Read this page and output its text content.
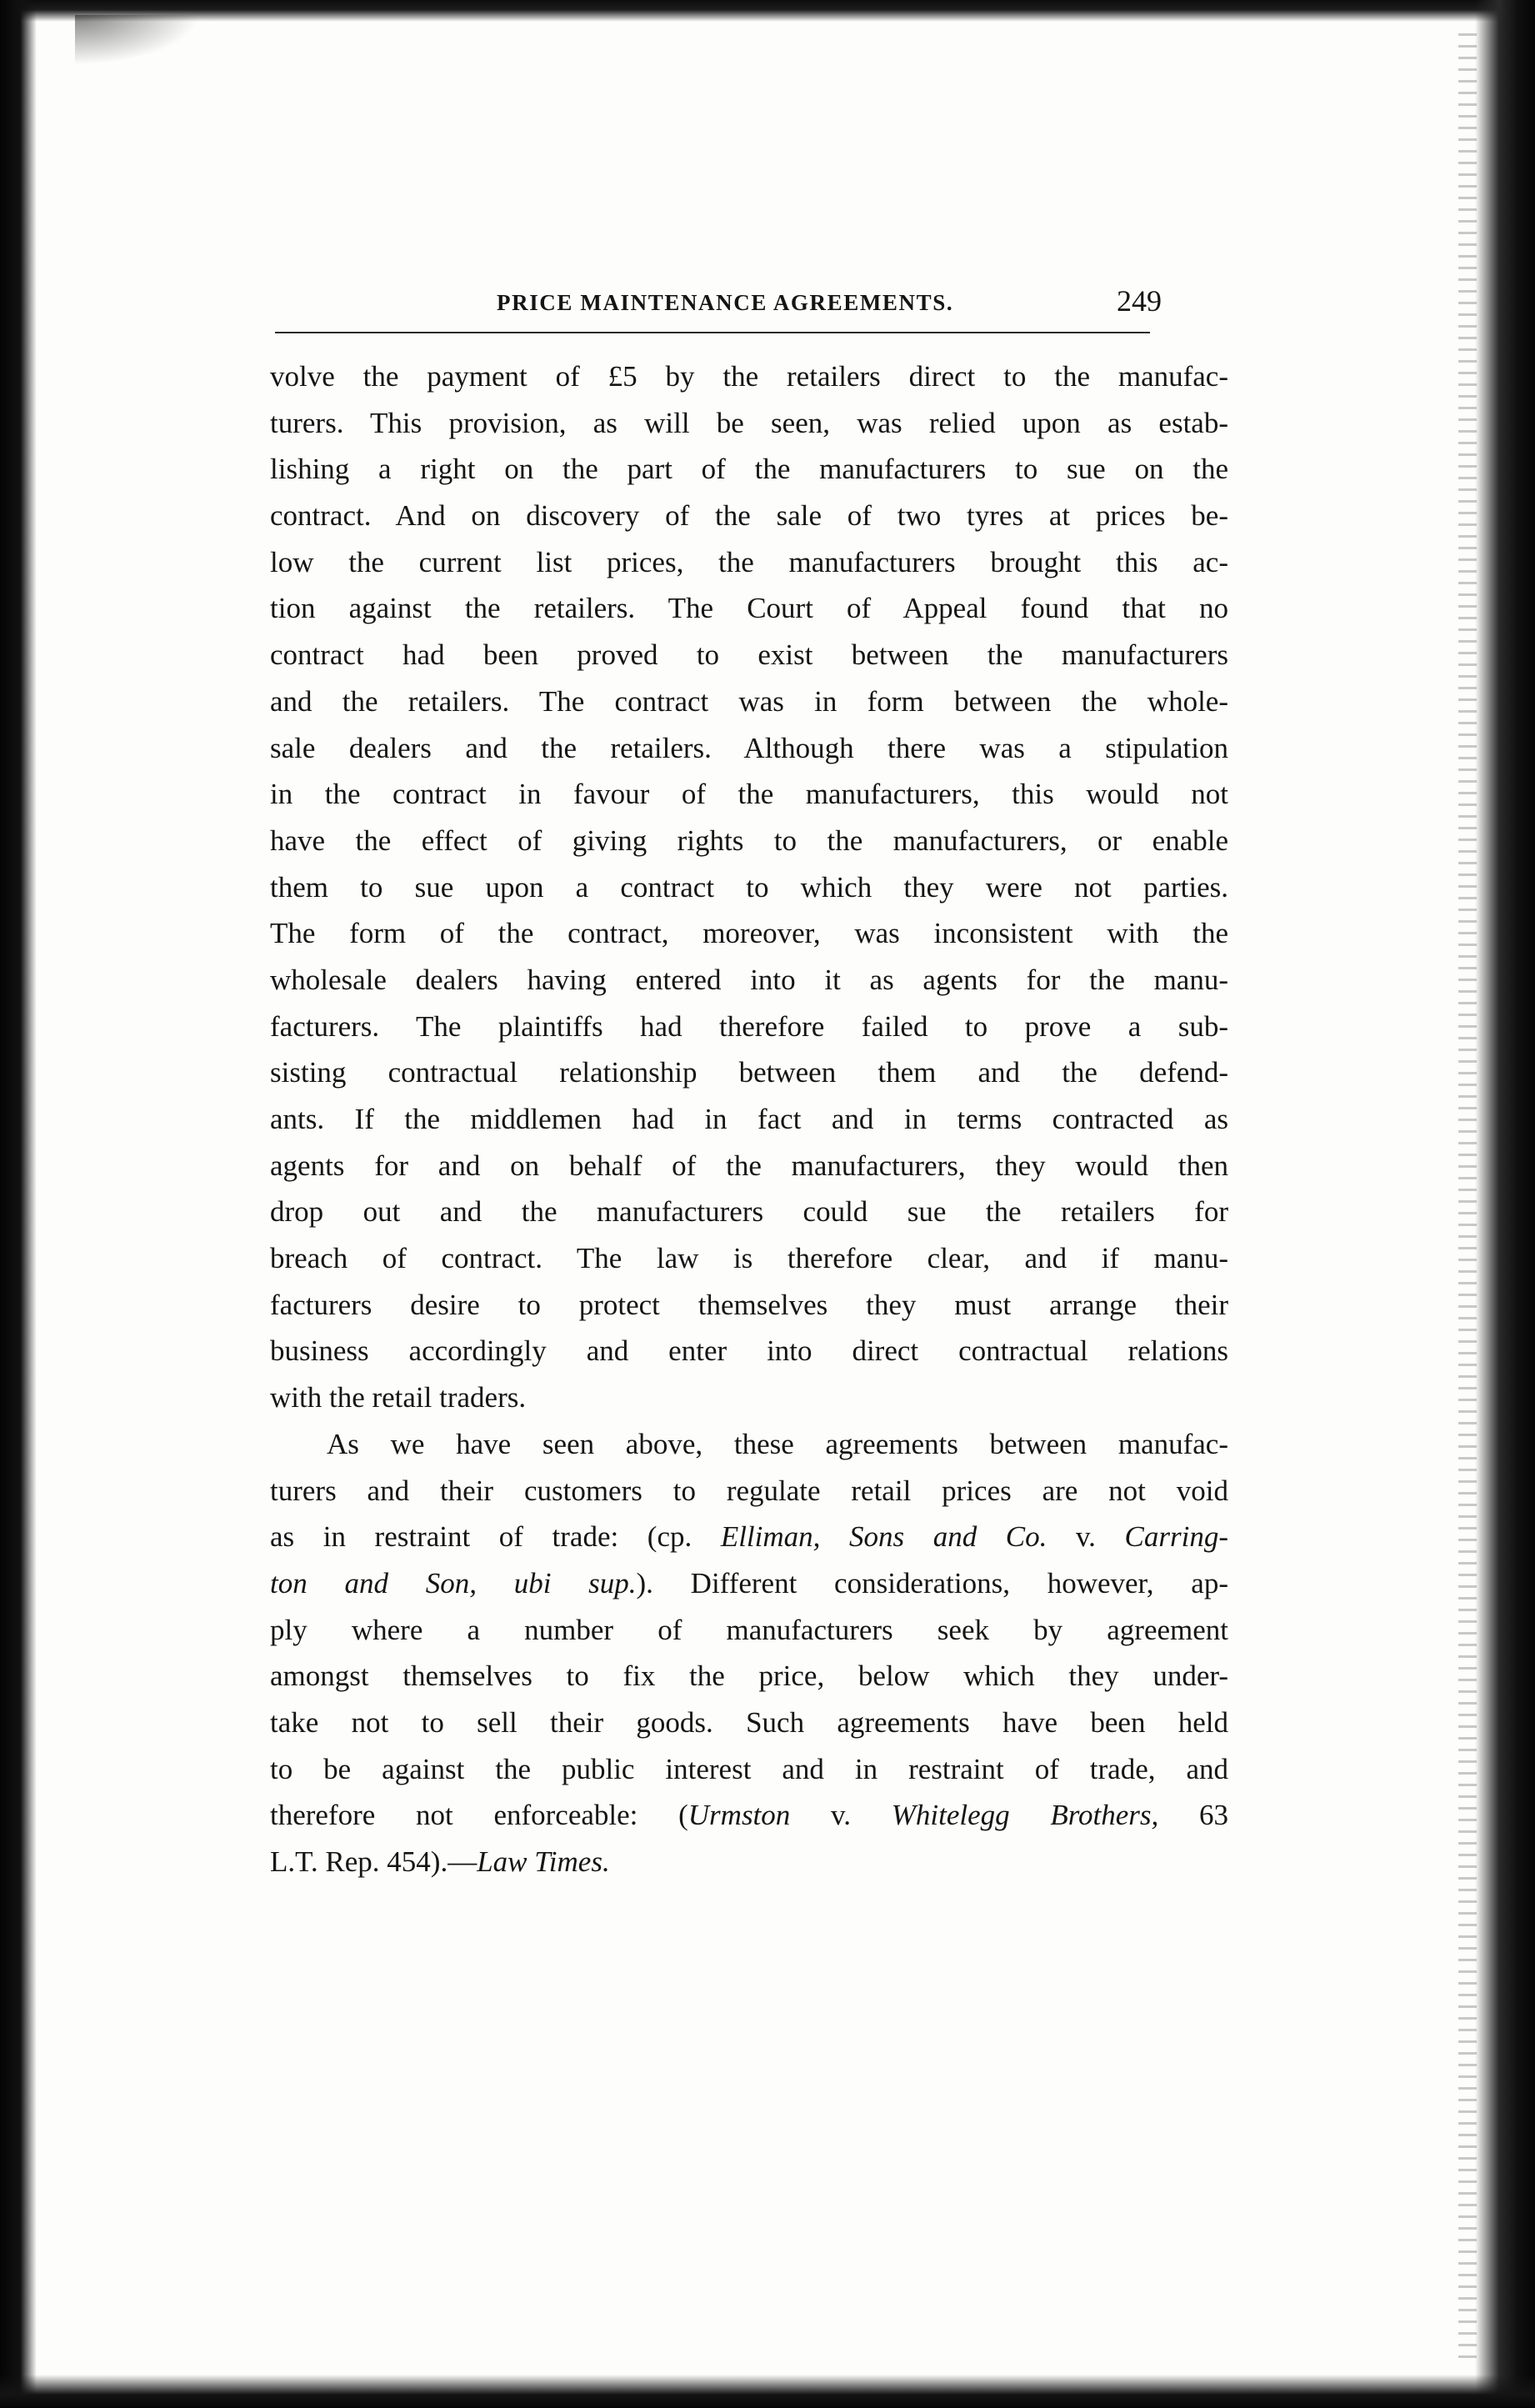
PRICE MAINTENANCE AGREEMENTS.	249
volve the payment of £5 by the retailers direct to the manufac-
turers. This provision, as will be seen, was relied upon as estab-
lishing a right on the part of the manufacturers to sue on the
contract. And on discovery of the sale of two tyres at prices be-
low the current list prices, the manufacturers brought this ac-
tion against the retailers. The Court of Appeal found that no
contract had been proved to exist between the manufacturers
and the retailers. The contract was in form between the whole-
sale dealers and the retailers. Although there was a stipulation
in the contract in favour of the manufacturers, this would not
have the effect of giving rights to the manufacturers, or enable
them to sue upon a contract to which they were not parties.
The form of the contract, moreover, was inconsistent with the
wholesale dealers having entered into it as agents for the manu-
facturers. The plaintiffs had therefore failed to prove a sub-
sisting contractual relationship between them and the defend-
ants. If the middlemen had in fact and in terms contracted as
agents for and on behalf of the manufacturers, they would then
drop out and the manufacturers could sue the retailers for
breach of contract. The law is therefore clear, and if manu-
facturers desire to protect themselves they must arrange their
business accordingly and enter into direct contractual relations
with the retail traders.
As we have seen above, these agreements between manufac-
turers and their customers to regulate retail prices are not void
as in restraint of trade: (cp. Elliman, Sons and Co. v. Carring-
ton and Son, ubi sup.). Different considerations, however, ap-
ply where a number of manufacturers seek by agreement
amongst themselves to fix the price, below which they under-
take not to sell their goods. Such agreements have been held
to be against the public interest and in restraint of trade, and
therefore not enforceable: (Urmston v. Whitelegg Brothers, 63
L.T. Rep. 454).—Law Times.
